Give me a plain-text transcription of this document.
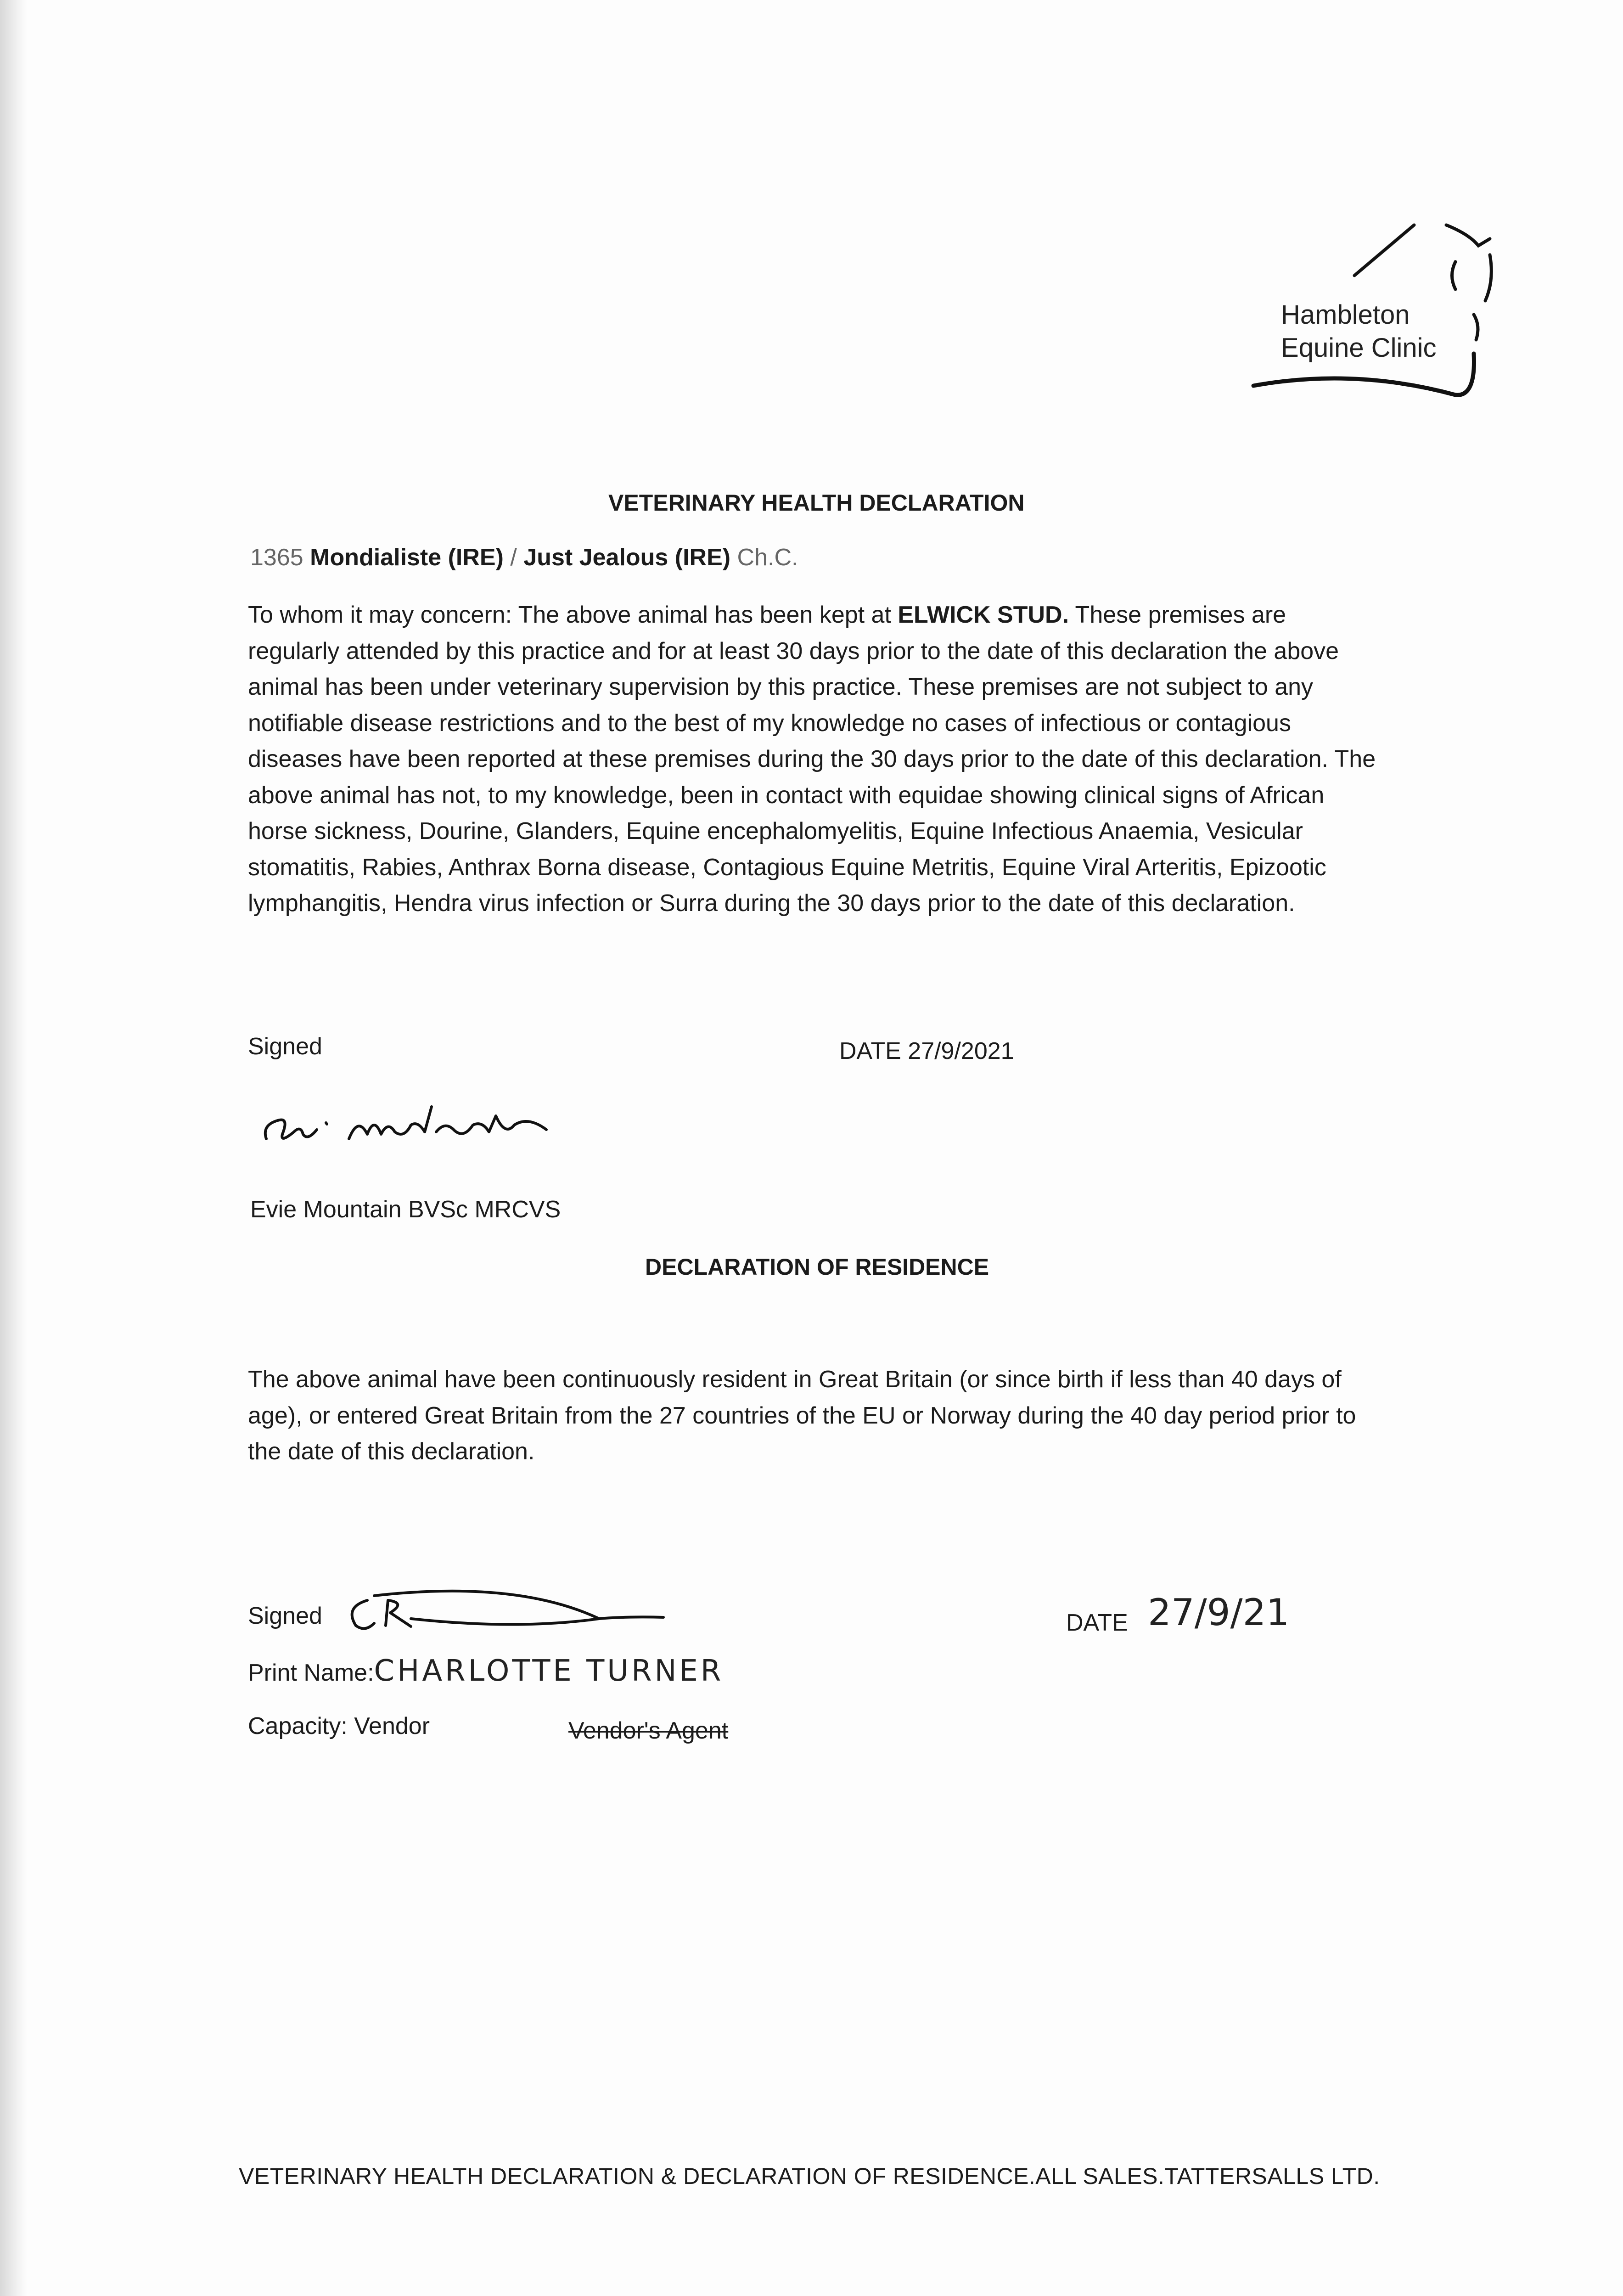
Hambleton
Equine Clinic
VETERINARY HEALTH DECLARATION
1365 Mondialiste (IRE) / Just Jealous (IRE) Ch.C.
To whom it may concern: The above animal has been kept at ELWICK STUD. These premises are regularly attended by this practice and for at least 30 days prior to the date of this declaration the above animal has been under veterinary supervision by this practice. These premises are not subject to any notifiable disease restrictions and to the best of my knowledge no cases of infectious or contagious diseases have been reported at these premises during the 30 days prior to the date of this declaration. The above animal has not, to my knowledge, been in contact with equidae showing clinical signs of African horse sickness, Dourine, Glanders, Equine encephalomyelitis, Equine Infectious Anaemia, Vesicular stomatitis, Rabies, Anthrax Borna disease, Contagious Equine Metritis, Equine Viral Arteritis, Epizootic lymphangitis, Hendra virus infection or Surra during the 30 days prior to the date of this declaration.
Signed	DATE 27/9/2021
Evie Mountain BVSc MRCVS
DECLARATION OF RESIDENCE
The above animal have been continuously resident in Great Britain (or since birth if less than 40 days of age), or entered Great Britain from the 27 countries of the EU or Norway during the 40 day period prior to the date of this declaration.
Signed	DATE 27/9/21
Print Name:CHARLOTTE TURNER
Capacity: Vendor	Vendor's Agent
VETERINARY HEALTH DECLARATION & DECLARATION OF RESIDENCE.ALL SALES.TATTERSALLS LTD.
